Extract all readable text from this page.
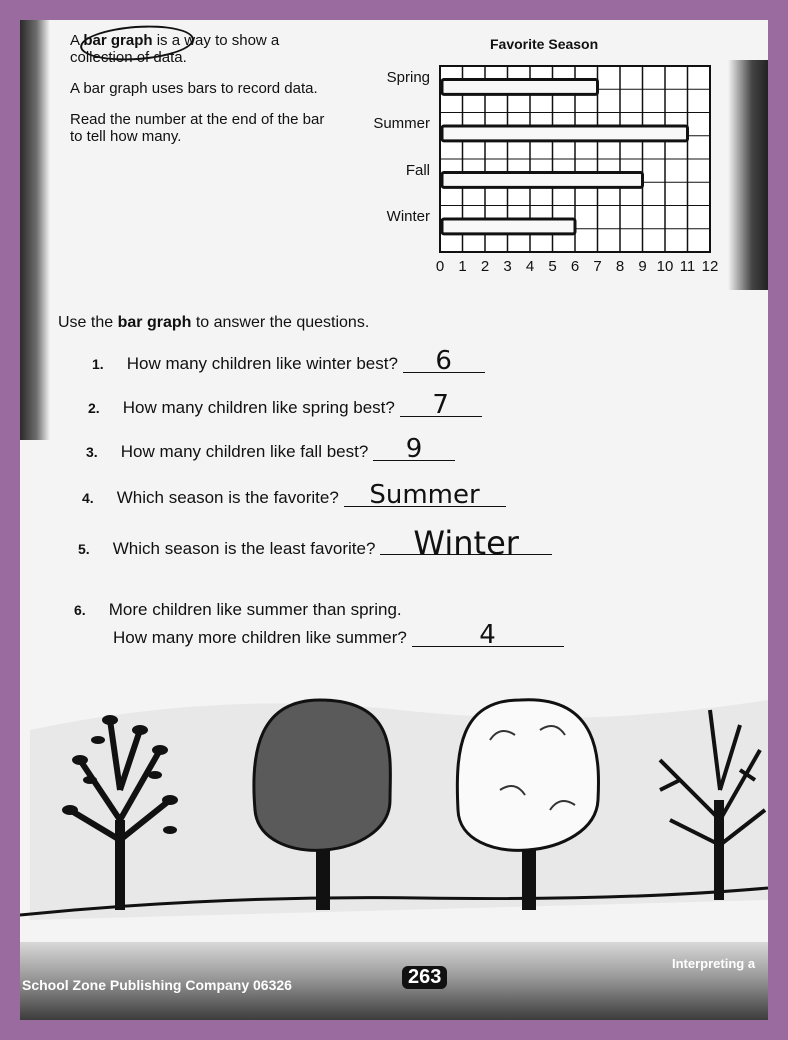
A bar graph is a way to show a collection of data.

A bar graph uses bars to record data.

Read the number at the end of the bar to tell how many.

Favorite Season
Spring
Summer
Fall
Winter
0 1 2 3 4 5 6 7 8 9 10 11 12
Use the bar graph to answer the questions.
1. How many children like winter best? 6
2. How many children like spring best? 7
3. How many children like fall best? 9
4. Which season is the favorite? Summer
5. Which season is the least favorite? Winter
6. More children like summer than spring.
How many more children like summer?	4
School Zone Publishing Company 06326	263
Interpreting a
